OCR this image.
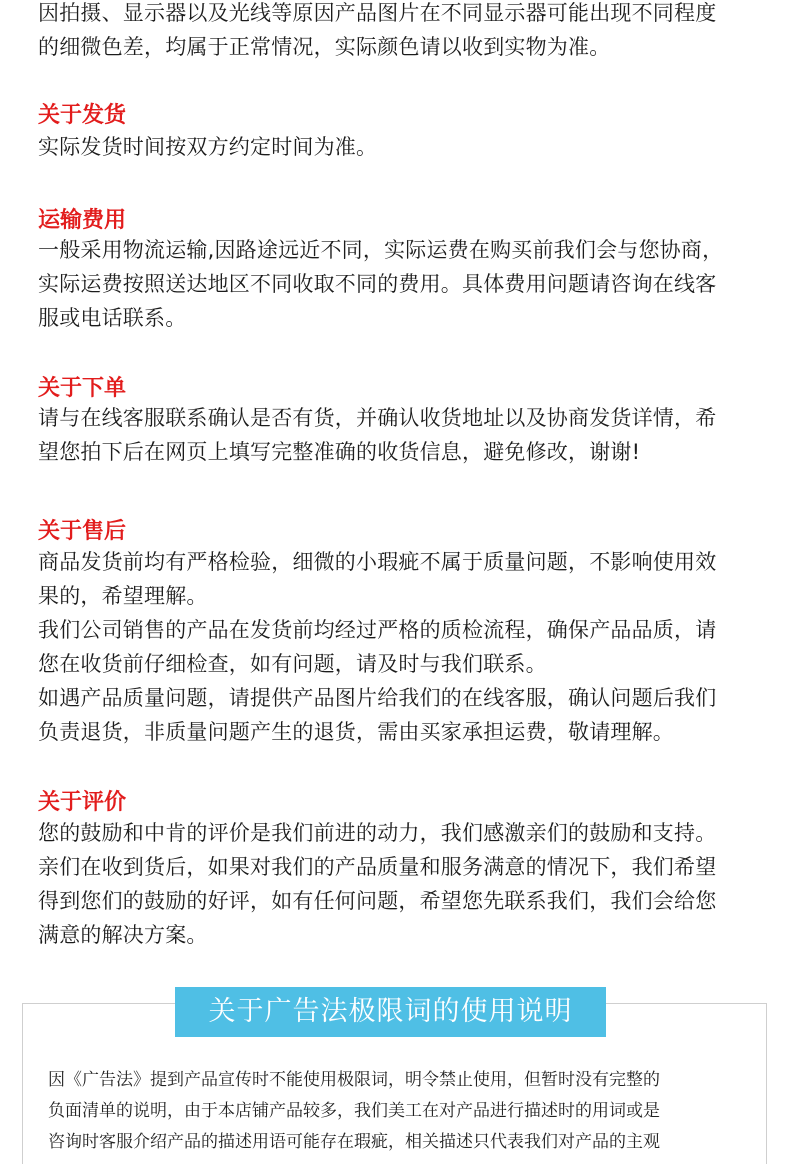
因拍摄、显示器以及光线等原因产品图片在不同显示器可能出现不同程度
的细微色差，均属于正常情况，实际颜色请以收到实物为准。
关于发货
实际发货时间按双方约定时间为准。
运输费用
一般采用物流运输,因路途远近不同，实际运费在购买前我们会与您协商，
实际运费按照送达地区不同收取不同的费用。具体费用问题请咨询在线客
服或电话联系。
关于下单
请与在线客服联系确认是否有货，并确认收货地址以及协商发货详情，希
望您拍下后在网页上填写完整准确的收货信息，避免修改，谢谢!
关于售后
商品发货前均有严格检验，细微的小瑕疵不属于质量问题，不影响使用效
果的，希望理解。
我们公司销售的产品在发货前均经过严格的质检流程，确保产品品质，请
您在收货前仔细检查，如有问题，请及时与我们联系。
如遇产品质量问题，请提供产品图片给我们的在线客服，确认问题后我们
负责退货，非质量问题产生的退货，需由买家承担运费，敬请理解。
关于评价
您的鼓励和中肯的评价是我们前进的动力，我们感激亲们的鼓励和支持。
亲们在收到货后，如果对我们的产品质量和服务满意的情况下，我们希望
得到您们的鼓励的好评，如有任何问题，希望您先联系我们，我们会给您
满意的解决方案。
关于广告法极限词的使用说明
因《广告法》提到产品宣传时不能使用极限词，明令禁止使用，但暂时没有完整的
负面清单的说明，由于本店铺产品较多，我们美工在对产品进行描述时的用词或是
咨询时客服介绍产品的描述用语可能存在瑕疵，相关描述只代表我们对产品的主观
